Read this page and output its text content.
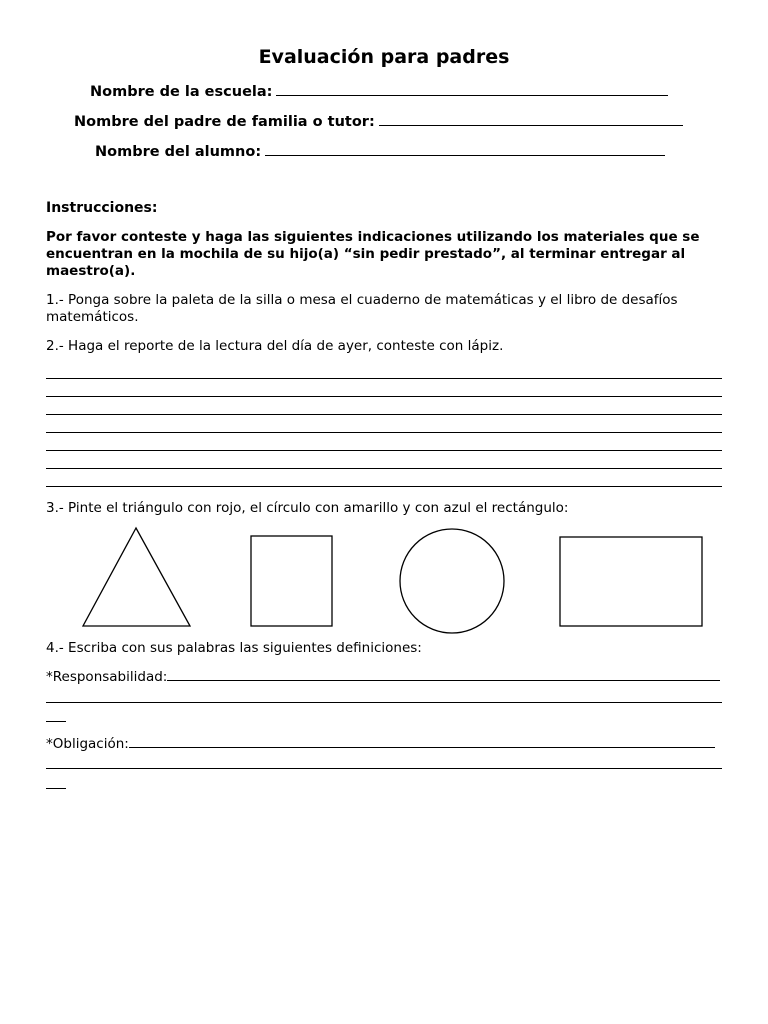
Evaluación para padres
Nombre de la escuela:
Nombre del padre de familia o tutor:
Nombre del alumno:
Instrucciones:
Por favor conteste y haga las siguientes indicaciones utilizando los materiales que se encuentran en la mochila de su hijo(a) “sin pedir prestado”, al terminar entregar al maestro(a).
1.- Ponga sobre la paleta de la silla o mesa el cuaderno de matemáticas y el libro de desafíos matemáticos.
2.- Haga el reporte de la lectura del día de ayer, conteste con lápiz.
3.- Pinte el triángulo con rojo, el círculo con amarillo y con azul el rectángulo:
4.- Escriba con sus palabras las siguientes definiciones:
*Responsabilidad:
*Obligación:
